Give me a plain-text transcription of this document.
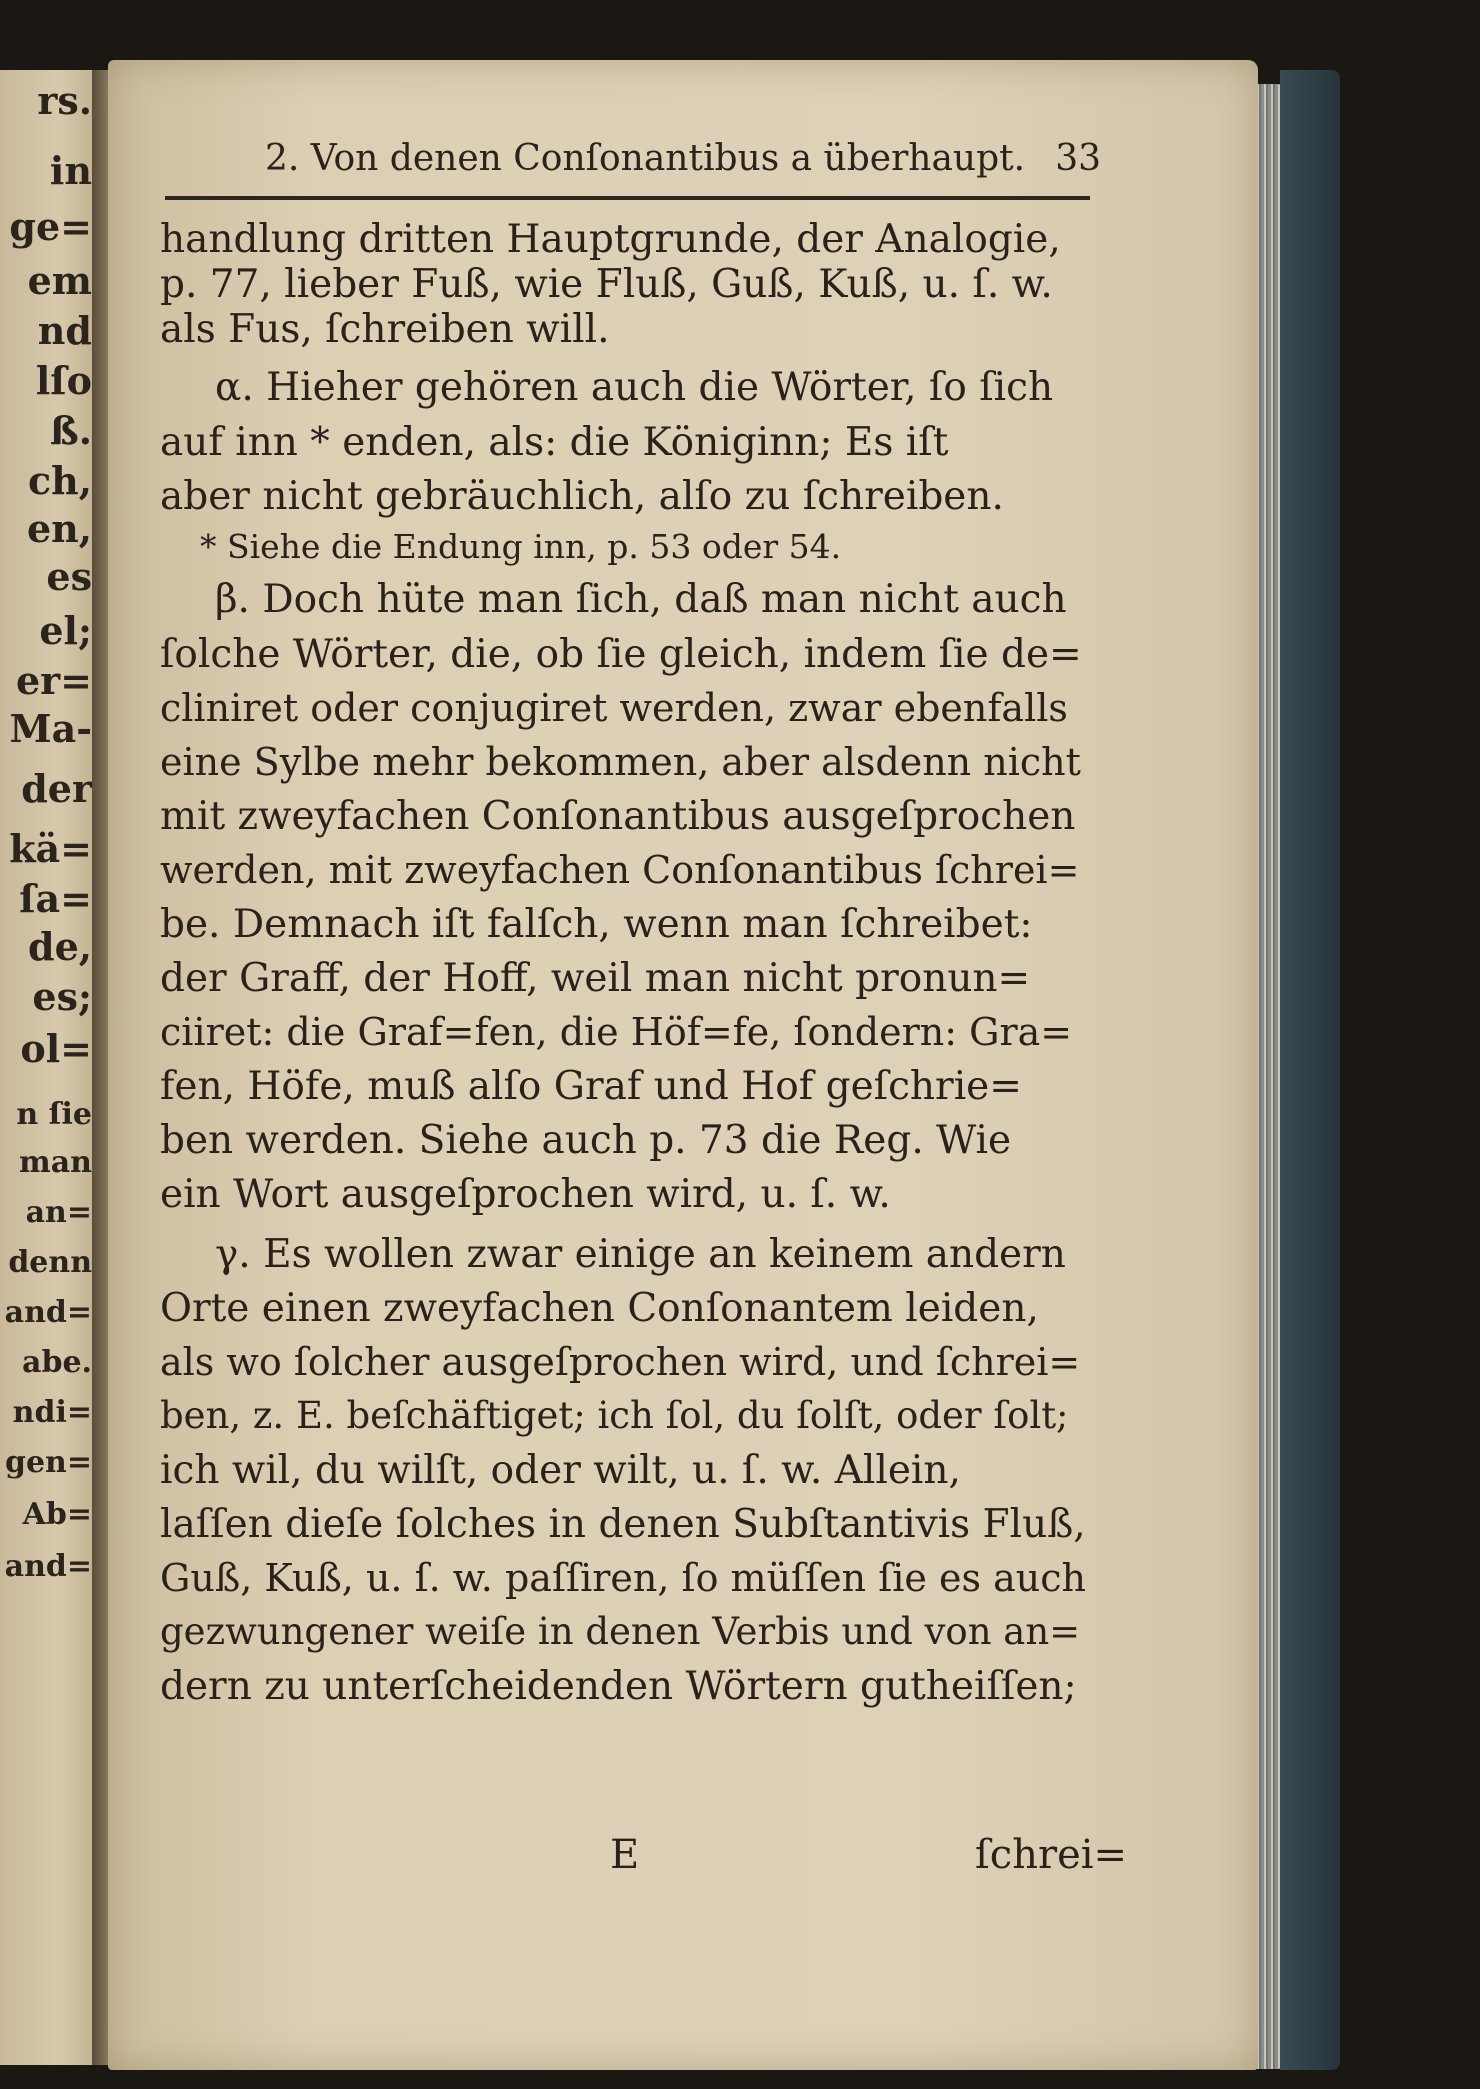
rs.
in
ge=
em
nd
lſo
ß.
ch,
en,
es
el;
er=
Ma-
der
kä=
ſa=
de,
es;
ol=
n ſie
man
an=
denn
and=
abe.
ndi=
gen=
Ab=
and=
2. Von denen Conſonantibus a überhaupt. 33
handlung dritten Hauptgrunde, der Analogie,
p. 77, lieber Fuß, wie Fluß, Guß, Kuß, u. ſ. w.
als Fus, ſchreiben will.
α. Hieher gehören auch die Wörter, ſo ſich
auf inn * enden, als: die Königinn; Es iſt
aber nicht gebräuchlich, alſo zu ſchreiben.
* Siehe die Endung inn, p. 53 oder 54.
β. Doch hüte man ſich, daß man nicht auch
ſolche Wörter, die, ob ſie gleich, indem ſie de=
cliniret oder conjugiret werden, zwar ebenfalls
eine Sylbe mehr bekommen, aber alsdenn nicht
mit zweyfachen Conſonantibus ausgeſprochen
werden, mit zweyfachen Conſonantibus ſchrei=
be. Demnach iſt falſch, wenn man ſchreibet:
der Graff, der Hoff, weil man nicht pronun=
ciiret: die Graf=fen, die Höf=fe, ſondern: Gra=
fen, Höfe, muß alſo Graf und Hof geſchrie=
ben werden. Siehe auch p. 73 die Reg. Wie
ein Wort ausgeſprochen wird, u. ſ. w.
γ. Es wollen zwar einige an keinem andern
Orte einen zweyfachen Conſonantem leiden,
als wo ſolcher ausgeſprochen wird, und ſchrei=
ben, z. E. beſchäftiget; ich ſol, du ſolſt, oder ſolt;
ich wil, du wilſt, oder wilt, u. ſ. w. Allein,
laſſen dieſe ſolches in denen Subſtantivis Fluß,
Guß, Kuß, u. ſ. w. paſſiren, ſo müſſen ſie es auch
gezwungener weiſe in denen Verbis und von an=
dern zu unterſcheidenden Wörtern gutheiſſen;
E	ſchrei=
